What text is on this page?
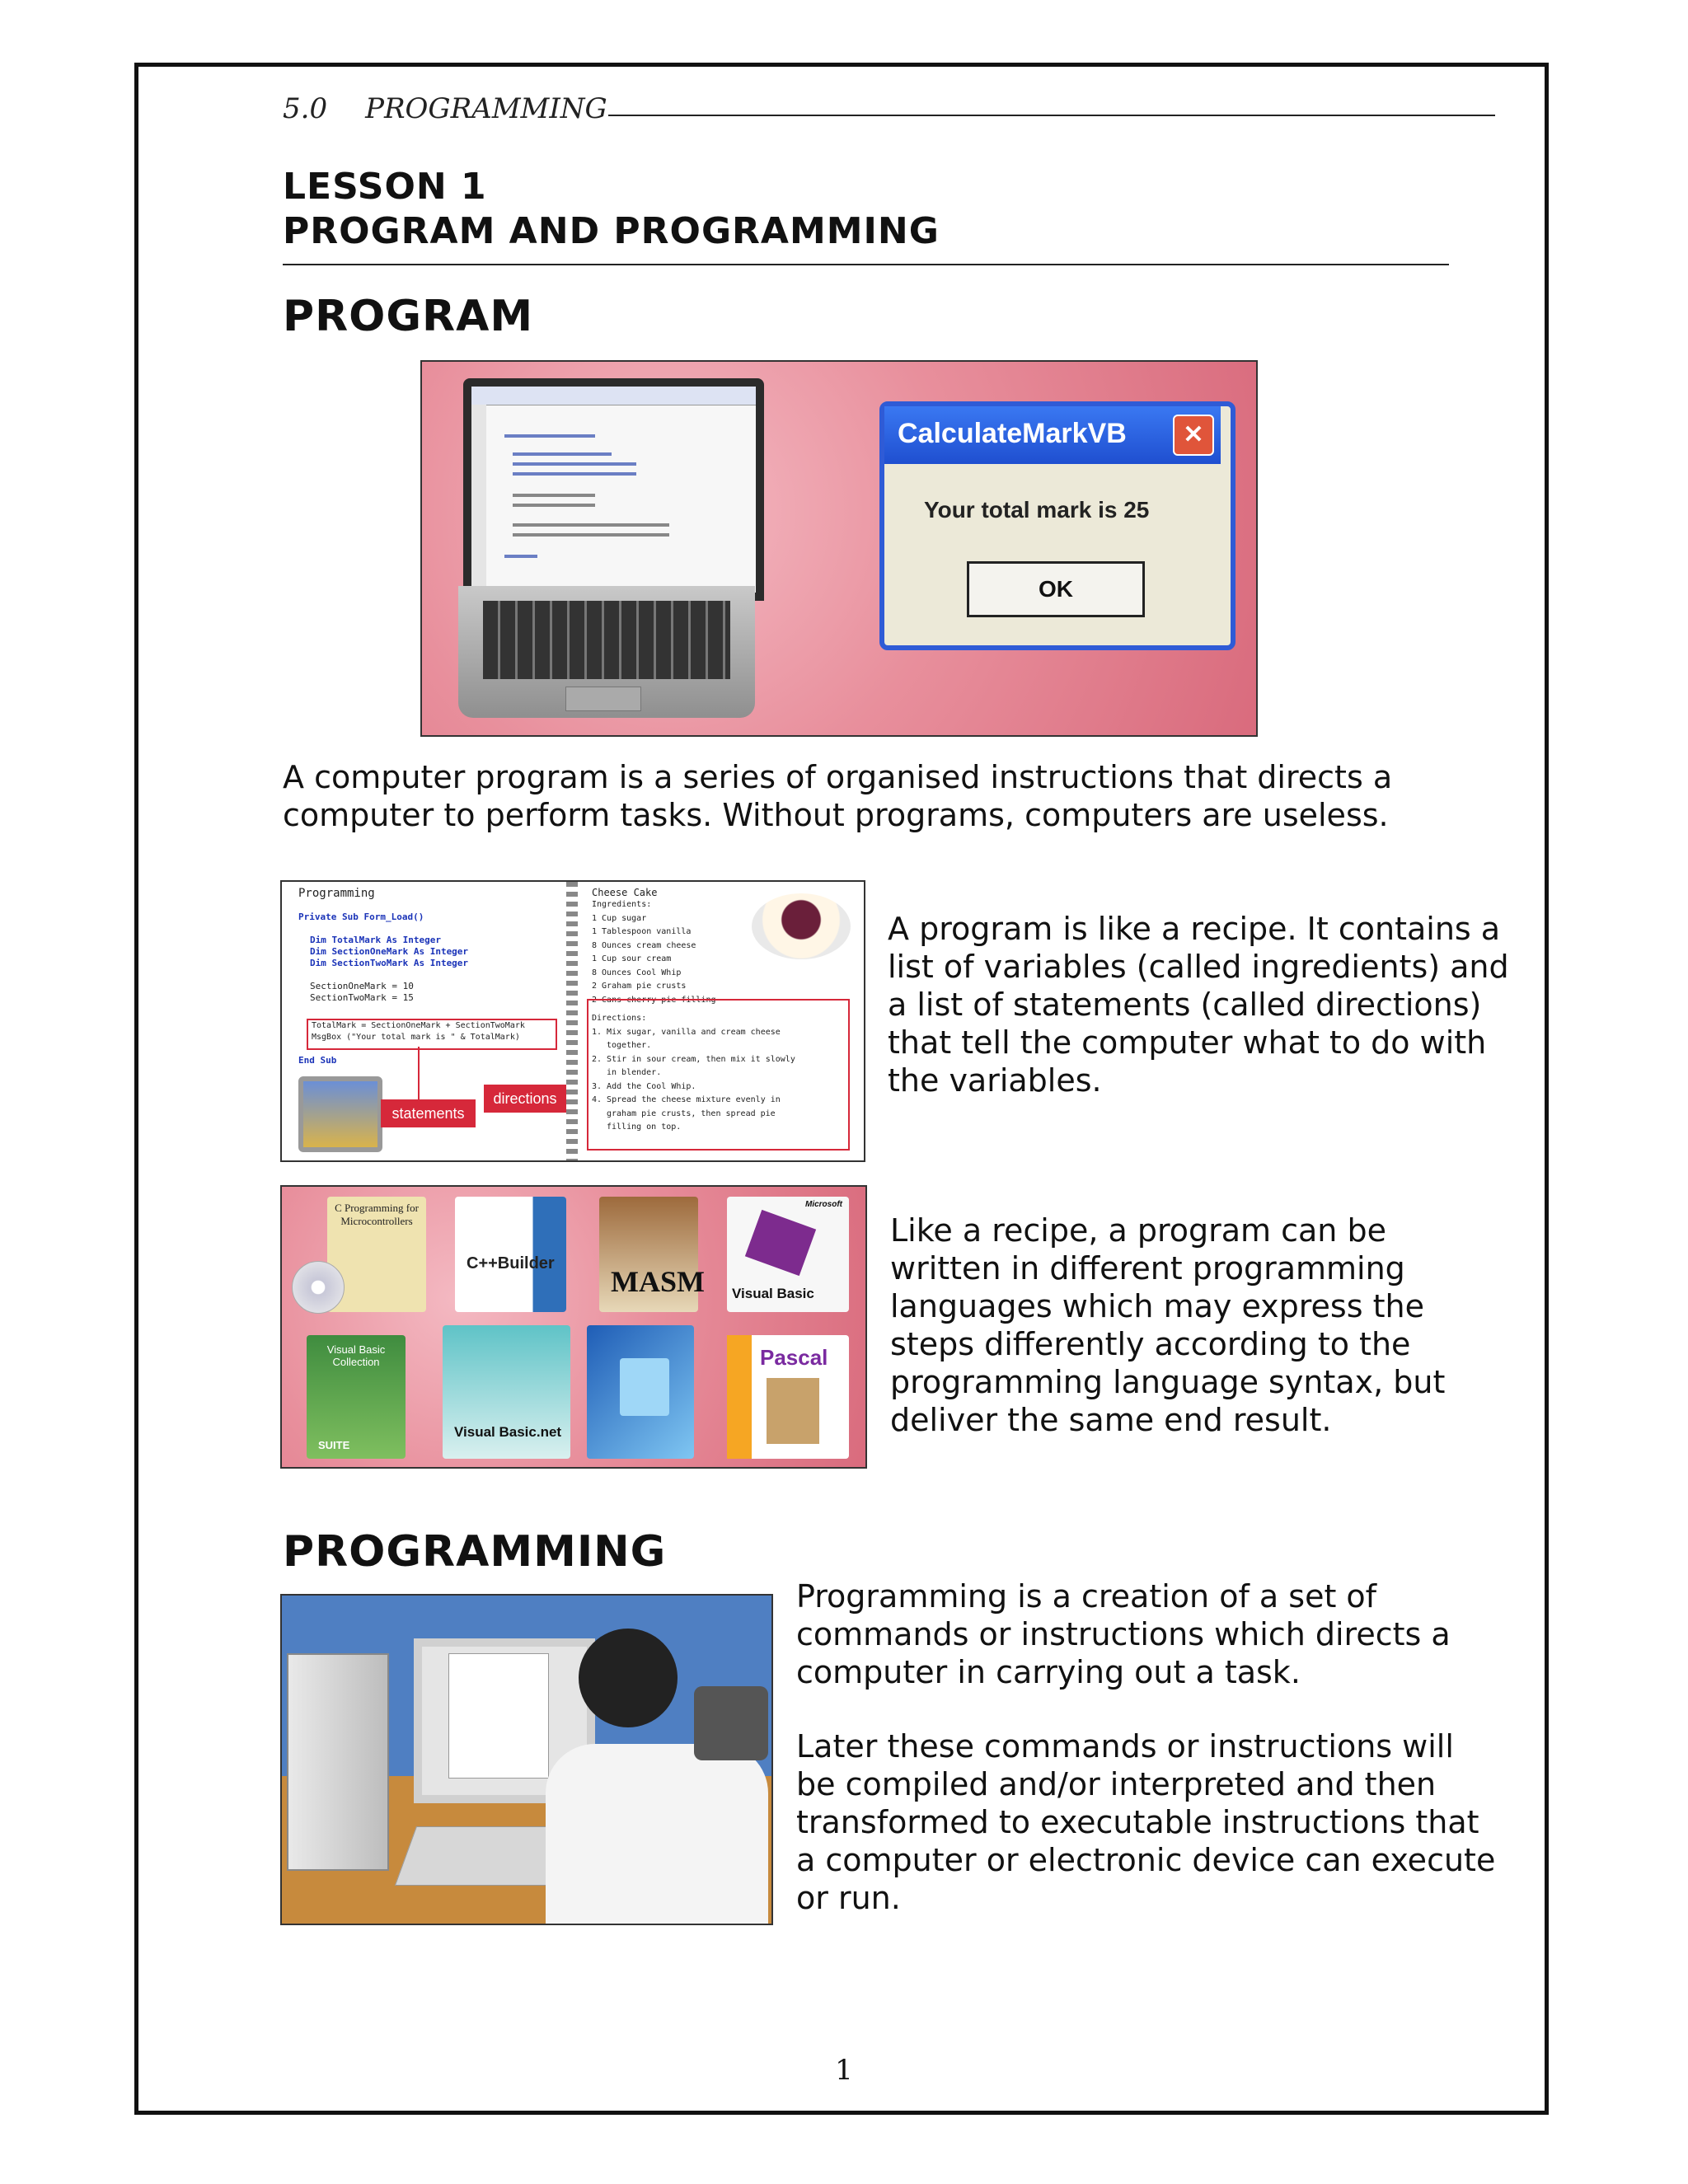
5.0 PROGRAMMING
LESSON 1
PROGRAM AND PROGRAMMING
PROGRAM
CalculateMarkVB	✕
Your total mark is 25
OK
A computer program is a series of organised instructions that directs a computer to perform tasks. Without programs, computers are useless.
Programming
Private Sub Form_Load()
Dim TotalMark As Integer
Dim SectionOneMark As Integer
Dim SectionTwoMark As Integer
SectionOneMark = 10
SectionTwoMark = 15
TotalMark = SectionOneMark + SectionTwoMark
MsgBox ("Your total mark is " & TotalMark)
End Sub
statements
directions
Cheese Cake
Ingredients:
1 Cup sugar
1 Tablespoon vanilla
8 Ounces cream cheese
1 Cup sour cream
8 Ounces Cool Whip
2 Graham pie crusts
2 Cans cherry pie filling
Directions:
1. Mix sugar, vanilla and cream cheese
together.
2. Stir in sour cream, then mix it slowly
in blender.
3. Add the Cool Whip.
4. Spread the cheese mixture evenly in
graham pie crusts, then spread pie
filling on top.
A program is like a recipe. It contains a list of variables (called ingredients) and a list of statements (called directions) that tell the computer what to do with the variables.
C Programming for Microcontrollers
C++Builder
MASM
Microsoft
Visual Basic
Visual Basic Collection
SUITE
Visual Basic.net
Pascal
Like a recipe, a program can be written in different programming languages which may express the steps differently according to the programming language syntax, but deliver the same end result.
PROGRAMMING
Programming is a creation of a set of commands or instructions which directs a computer in carrying out a task.
Later these commands or instructions will be compiled and/or interpreted and then transformed to executable instructions that a computer or electronic device can execute or run.
1
